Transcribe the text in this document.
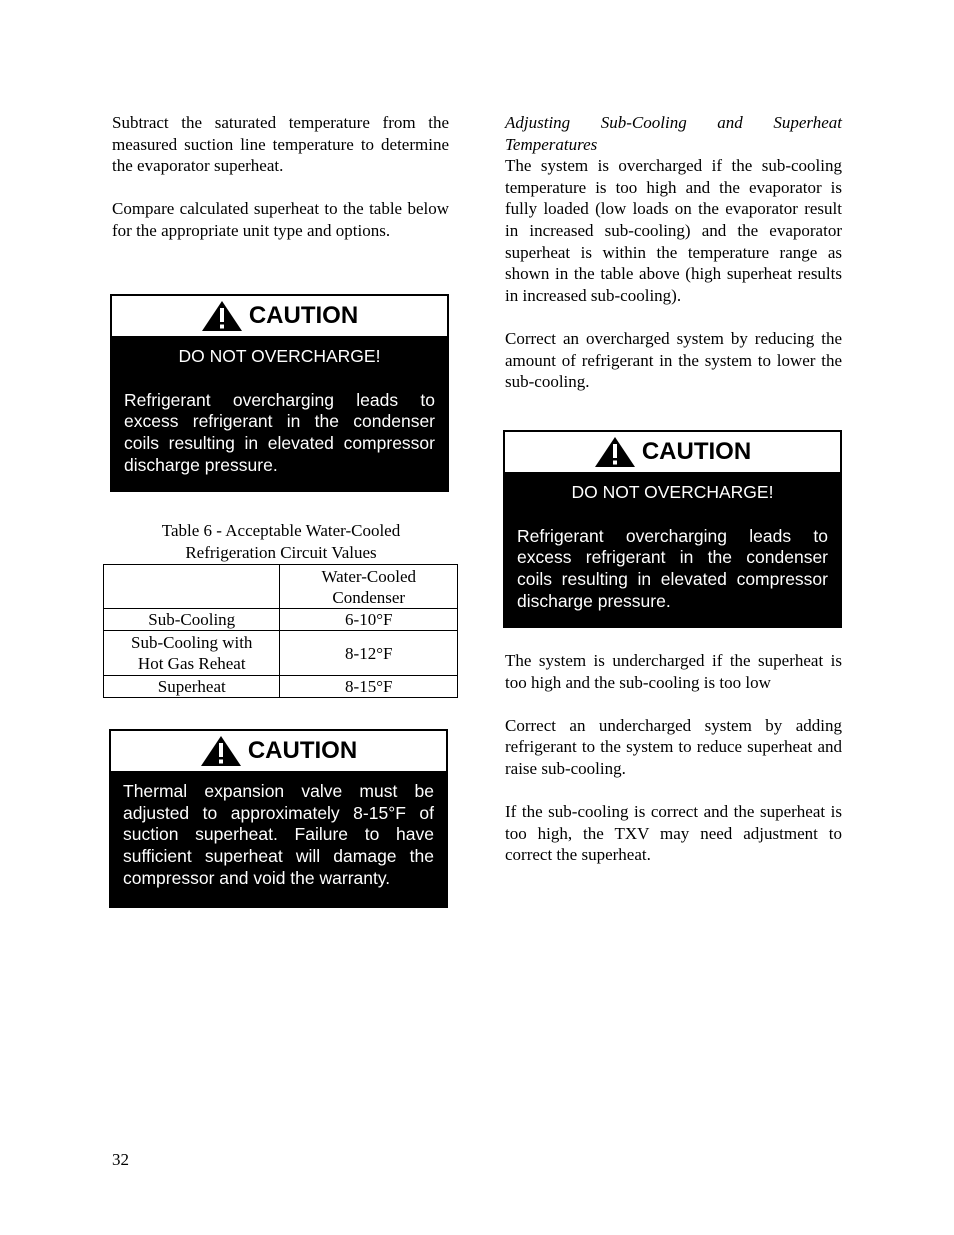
Subtract the saturated temperature from the measured suction line temperature to determine the evaporator superheat.

Compare calculated superheat to the table below for the appropriate unit type and options.

CAUTION

DO NOT OVERCHARGE!

Refrigerant overcharging leads to excess refrigerant in the condenser coils resulting in elevated compressor discharge pressure.

Table 6 - Acceptable Water-Cooled
Refrigeration Circuit Values

	Water-Cooled
Condenser

Sub-Cooling	6-10°F

Sub-Cooling with
Hot Gas Reheat	8-12°F
Superheat	8-15°F
CAUTION

Thermal expansion valve must be adjusted to approximately 8-15°F of suction superheat. Failure to have sufficient superheat will damage the compressor and void the warranty.

Adjusting Sub-Cooling and Superheat Temperatures

The system is overcharged if the sub-cooling temperature is too high and the evaporator is fully loaded (low loads on the evaporator result in increased sub-cooling) and the evaporator superheat is within the temperature range as shown in the table above (high superheat results in increased sub-cooling).

Correct an overcharged system by reducing the amount of refrigerant in the system to lower the sub-cooling.

CAUTION

DO NOT OVERCHARGE!

Refrigerant overcharging leads to excess refrigerant in the condenser coils resulting in elevated compressor discharge pressure.

The system is undercharged if the superheat is too high and the sub-cooling is too low

Correct an undercharged system by adding refrigerant to the system to reduce superheat and raise sub-cooling.

If the sub-cooling is correct and the superheat is too high, the TXV may need adjustment to correct the superheat.

32
